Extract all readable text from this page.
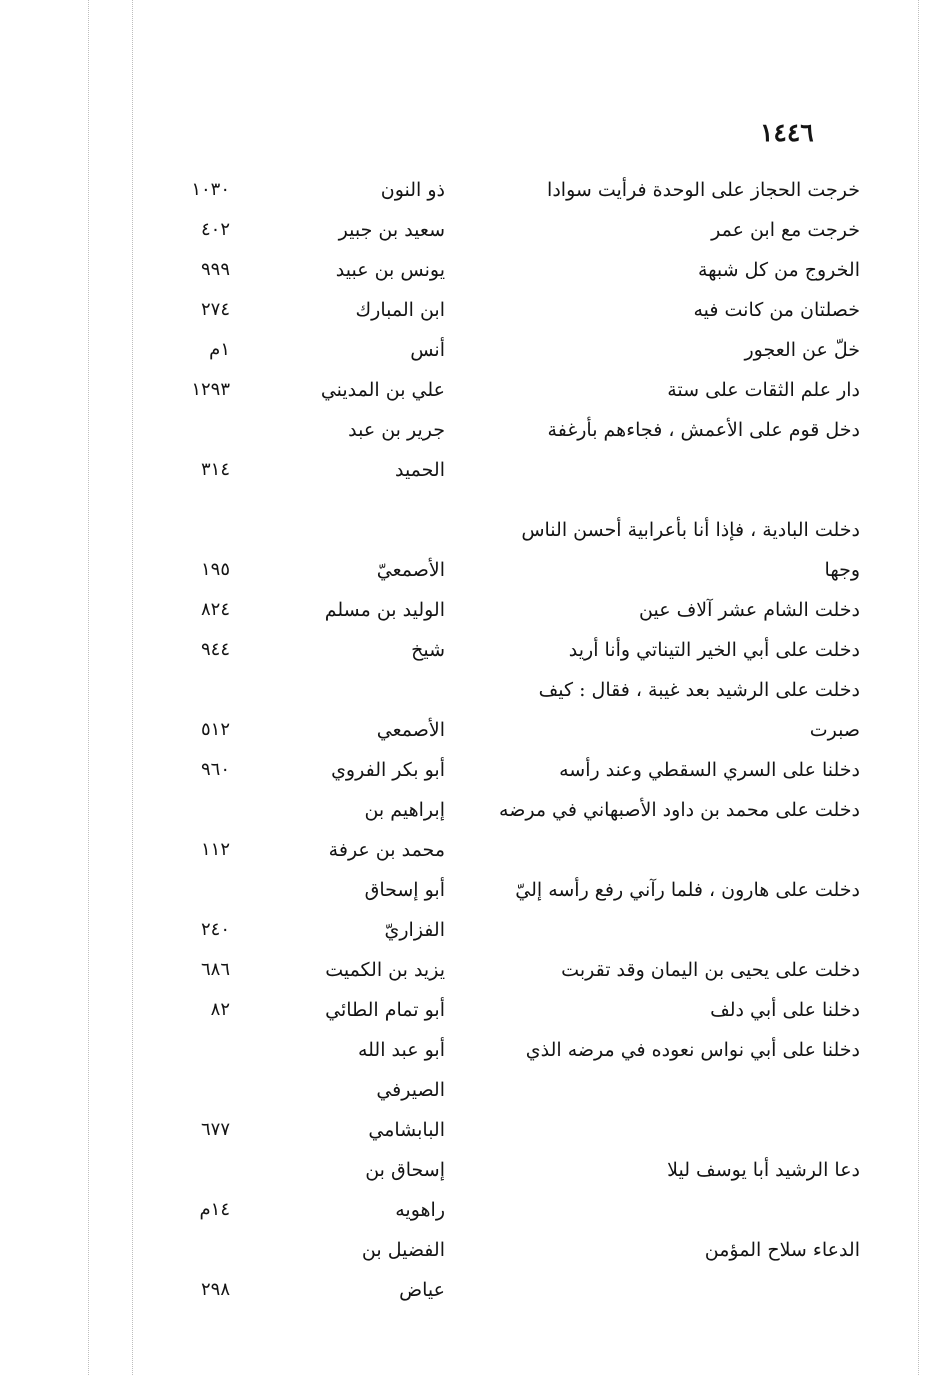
١٤٤٦
خرجت الحجاز على الوحدة فرأيت سوادا
ذو النون
١٠٣٠
خرجت مع ابن عمر
سعيد بن جبير
٤٠٢
الخروج من كل شبهة
يونس بن عبيد
٩٩٩
خصلتان من كانت فيه
ابن المبارك
٢٧٤
خلّ عن العجور
أنس
١م
دار علم الثقات على ستة
علي بن المديني
١٢٩٣
دخل قوم على الأعمش ، فجاءهم بأرغفة
جرير بن عبد
الحميد
٣١٤
دخلت البادية ، فإذا أنا بأعرابية أحسن الناس
وجها
الأصمعيّ
١٩٥
دخلت الشام عشر آلاف عين
الوليد بن مسلم
٨٢٤
دخلت على أبي الخير التيناتي وأنا أريد
شيخ
٩٤٤
دخلت على الرشيد بعد غيبة ، فقال : كيف
صبرت
الأصمعي
٥١٢
دخلنا على السري السقطي وعند رأسه
أبو بكر الفروي
٩٦٠
دخلت على محمد بن داود الأصبهاني في مرضه
إبراهيم بن
محمد بن عرفة
١١٢
دخلت على هارون ، فلما رآني رفع رأسه إليّ
أبو إسحاق
الفزاريّ
٢٤٠
دخلت على يحيى بن اليمان وقد تقربت
يزيد بن الكميت
٦٨٦
دخلنا على أبي دلف
أبو تمام الطائي
٨٢
دخلنا على أبي نواس نعوده في مرضه الذي
أبو عبد الله
الصيرفي
البابشامي
٦٧٧
دعا الرشيد أبا يوسف ليلا
إسحاق بن
راهويه
١٤م
الدعاء سلاح المؤمن
الفضيل بن
عياض
٢٩٨
